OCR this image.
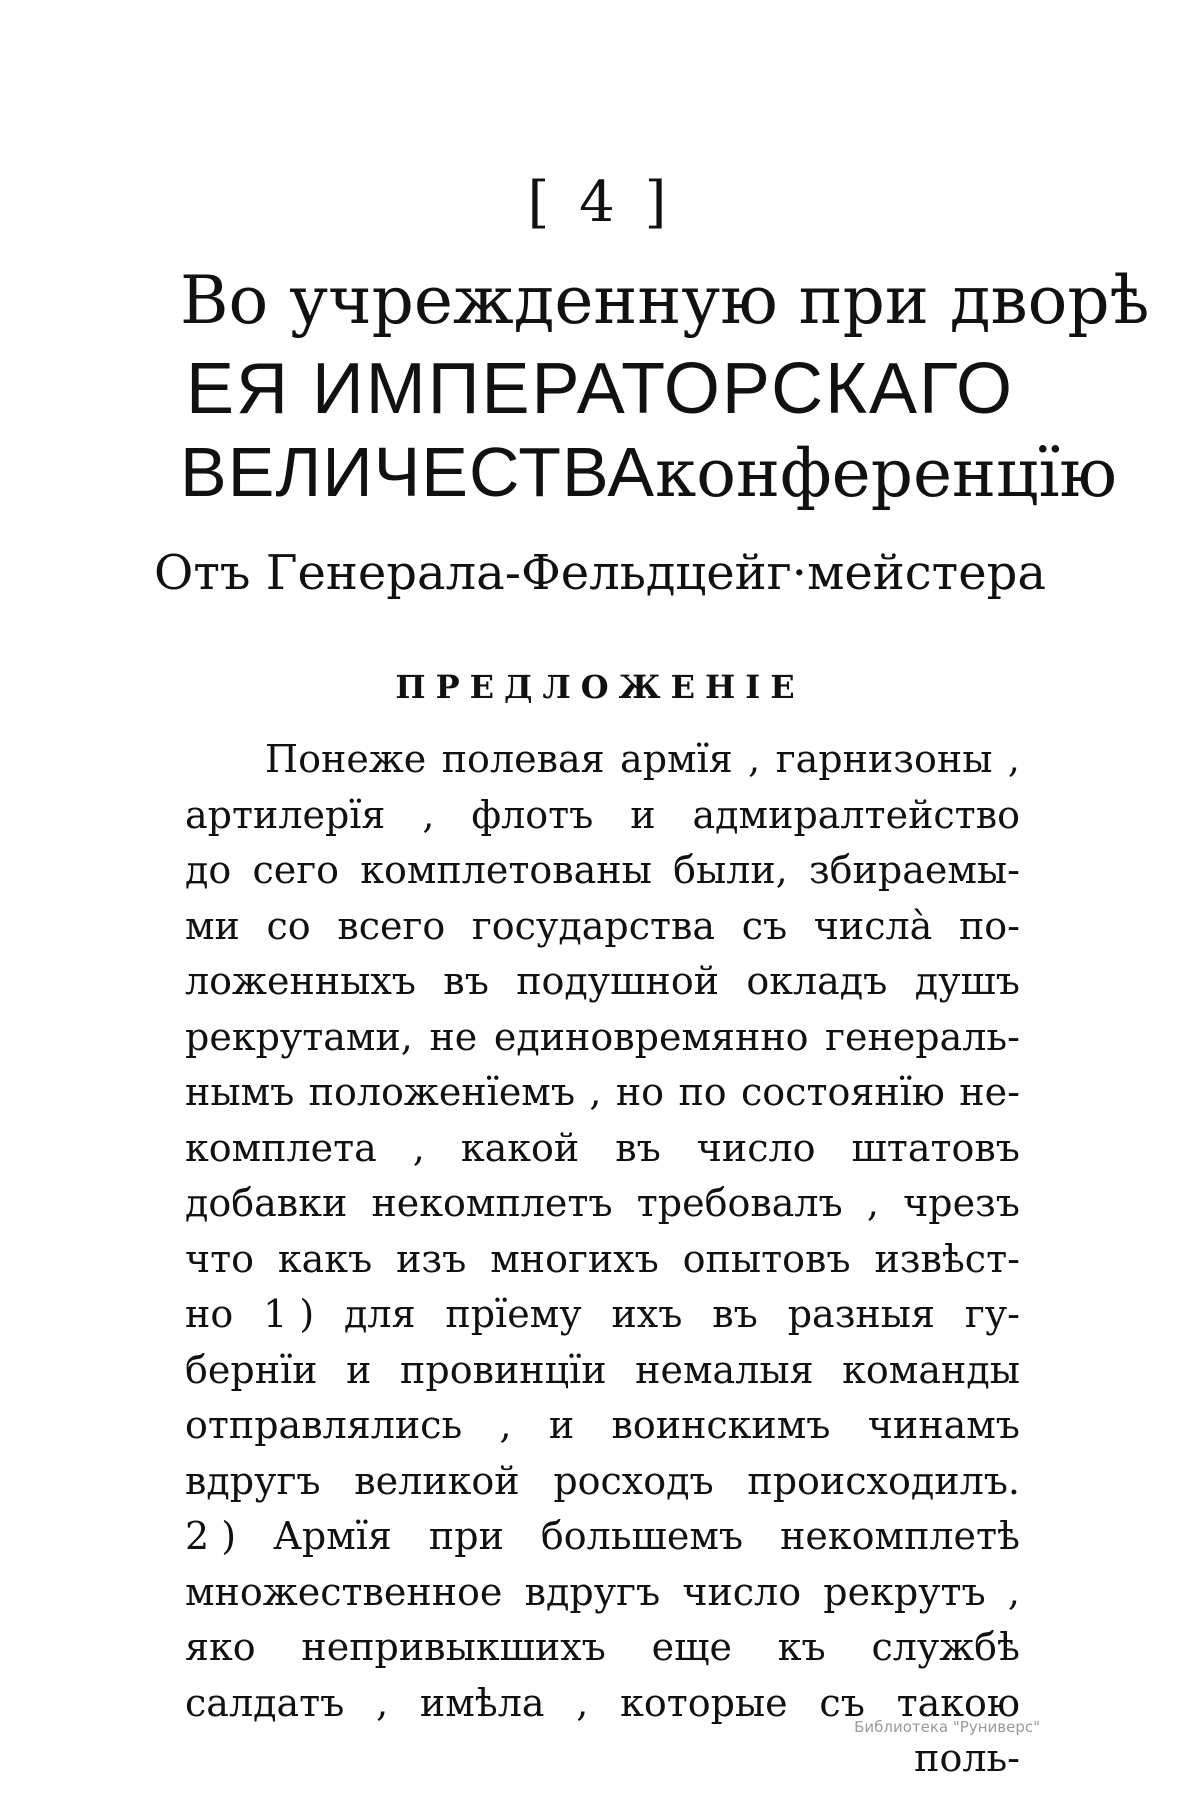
[ 4 ]
Во учрежденную при дворѣ
ЕЯ ИМПЕРАТОРСКАГО
ВЕЛИЧЕСТВАконференцїю
Отъ Генерала-Фельдцейг·мейстера
ПРЕДЛОЖЕНІЕ
Понеже полевая армїя , гарнизоны ,
артилерїя , флотъ и адмиралтейство
до сего комплетованы были, збираемы-
ми со всего государства съ числа̀ по-
ложенныхъ въ подушной окладъ душъ
рекрутами, не единовремянно генераль-
нымъ положенїемъ , но по состоянїю не-
комплета , какой въ число штатовъ
добавки некомплетъ требовалъ , чрезъ
что какъ изъ многихъ опытовъ извѣст-
но 1 ) для прїему ихъ въ разныя гу-
бернїи и провинцїи немалыя команды
отправлялись , и воинскимъ чинамъ
вдругъ великой росходъ происходилъ.
2 ) Армїя при большемъ некомплетѣ
множественное вдругъ число рекрутъ ,
яко непривыкшихъ еще къ службѣ
салдатъ , имѣла , которые съ такою
поль-
Библиотека "Руниверс"
